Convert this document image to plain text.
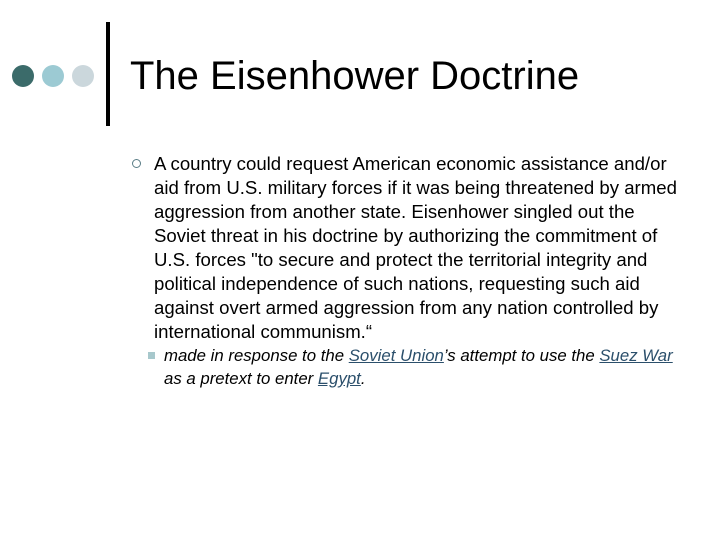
The Eisenhower Doctrine
A country could request American economic assistance and/or aid from U.S. military forces if it was being threatened by armed aggression from another state. Eisenhower singled out the Soviet threat in his doctrine by authorizing the commitment of U.S. forces "to secure and protect the territorial integrity and political independence of such nations, requesting such aid against overt armed aggression from any nation controlled by international communism.“
made in response to the Soviet Union’s attempt to use the Suez War as a pretext to enter Egypt.
